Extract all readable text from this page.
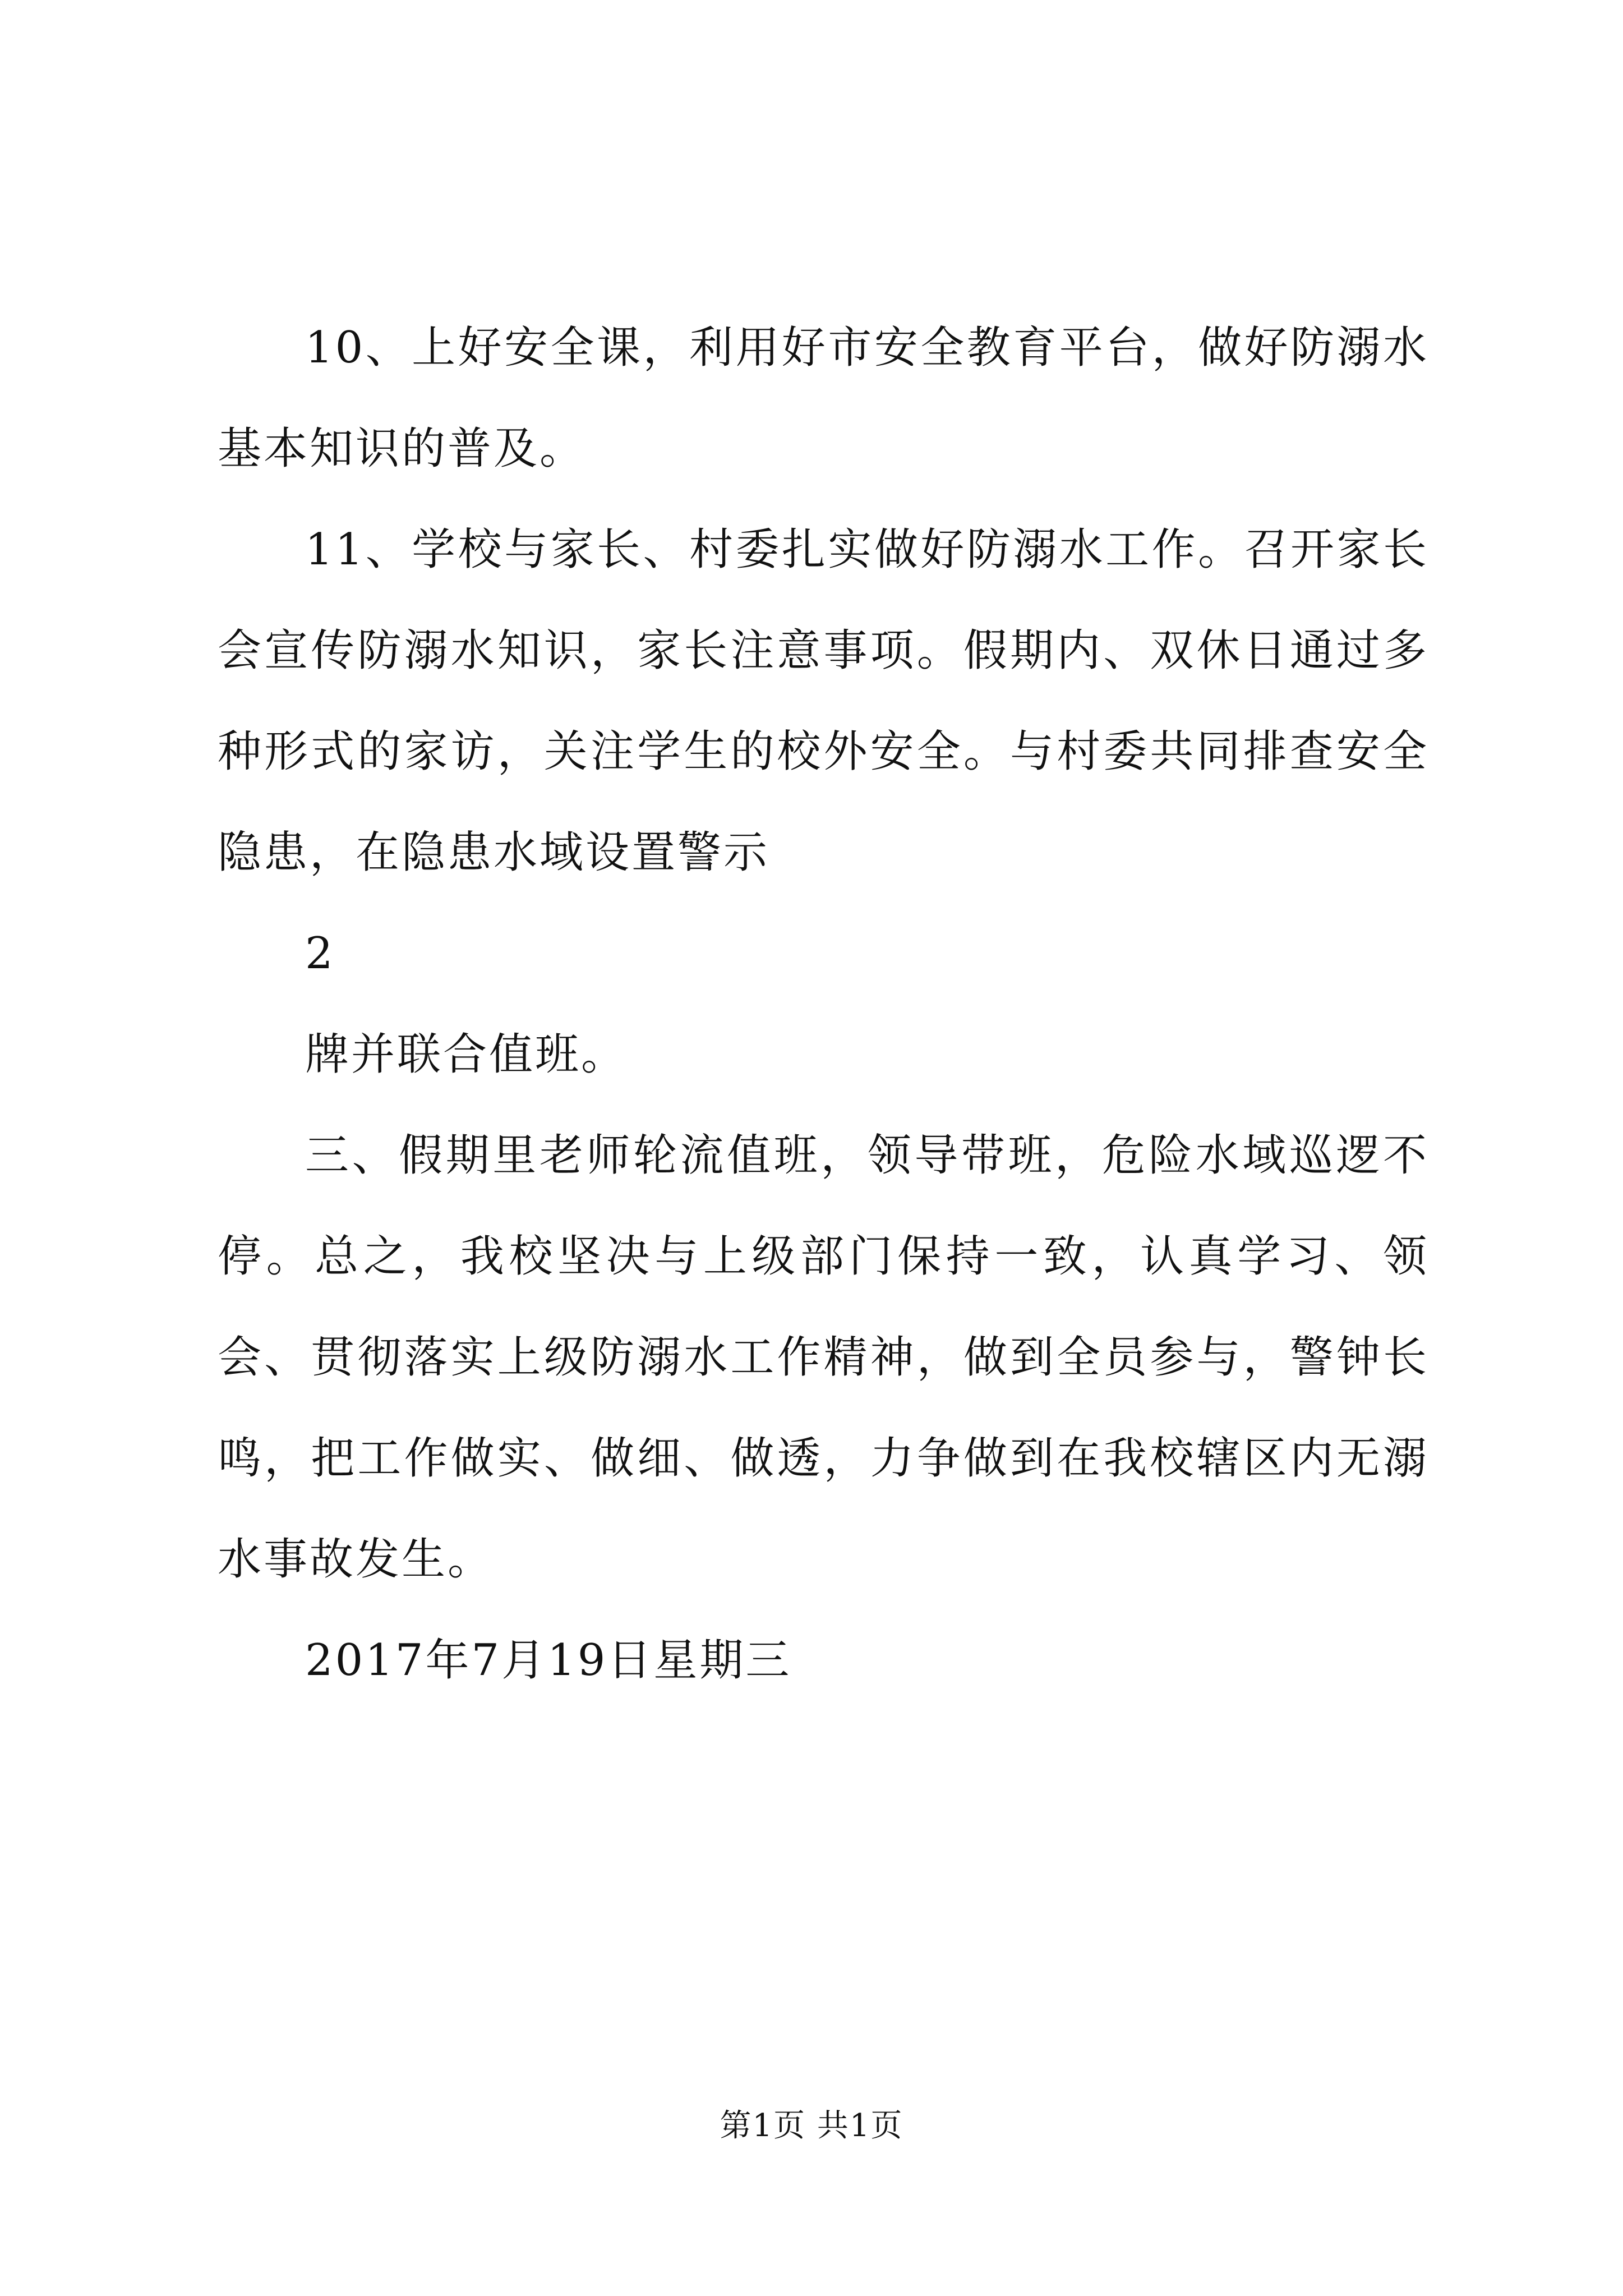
10、上好安全课，利用好市安全教育平台，做好防溺水基本知识的普及。

11、学校与家长、村委扎实做好防溺水工作。召开家长会宣传防溺水知识，家长注意事项。假期内、双休日通过多种形式的家访，关注学生的校外安全。与村委共同排查安全隐患，在隐患水域设置警示

2

牌并联合值班。

三、假期里老师轮流值班，领导带班，危险水域巡逻不停。总之，我校坚决与上级部门保持一致，认真学习、领会、贯彻落实上级防溺水工作精神，做到全员参与，警钟长鸣，把工作做实、做细、做透，力争做到在我校辖区内无溺水事故发生。

2017年7月19日星期三

第1页 共1页
